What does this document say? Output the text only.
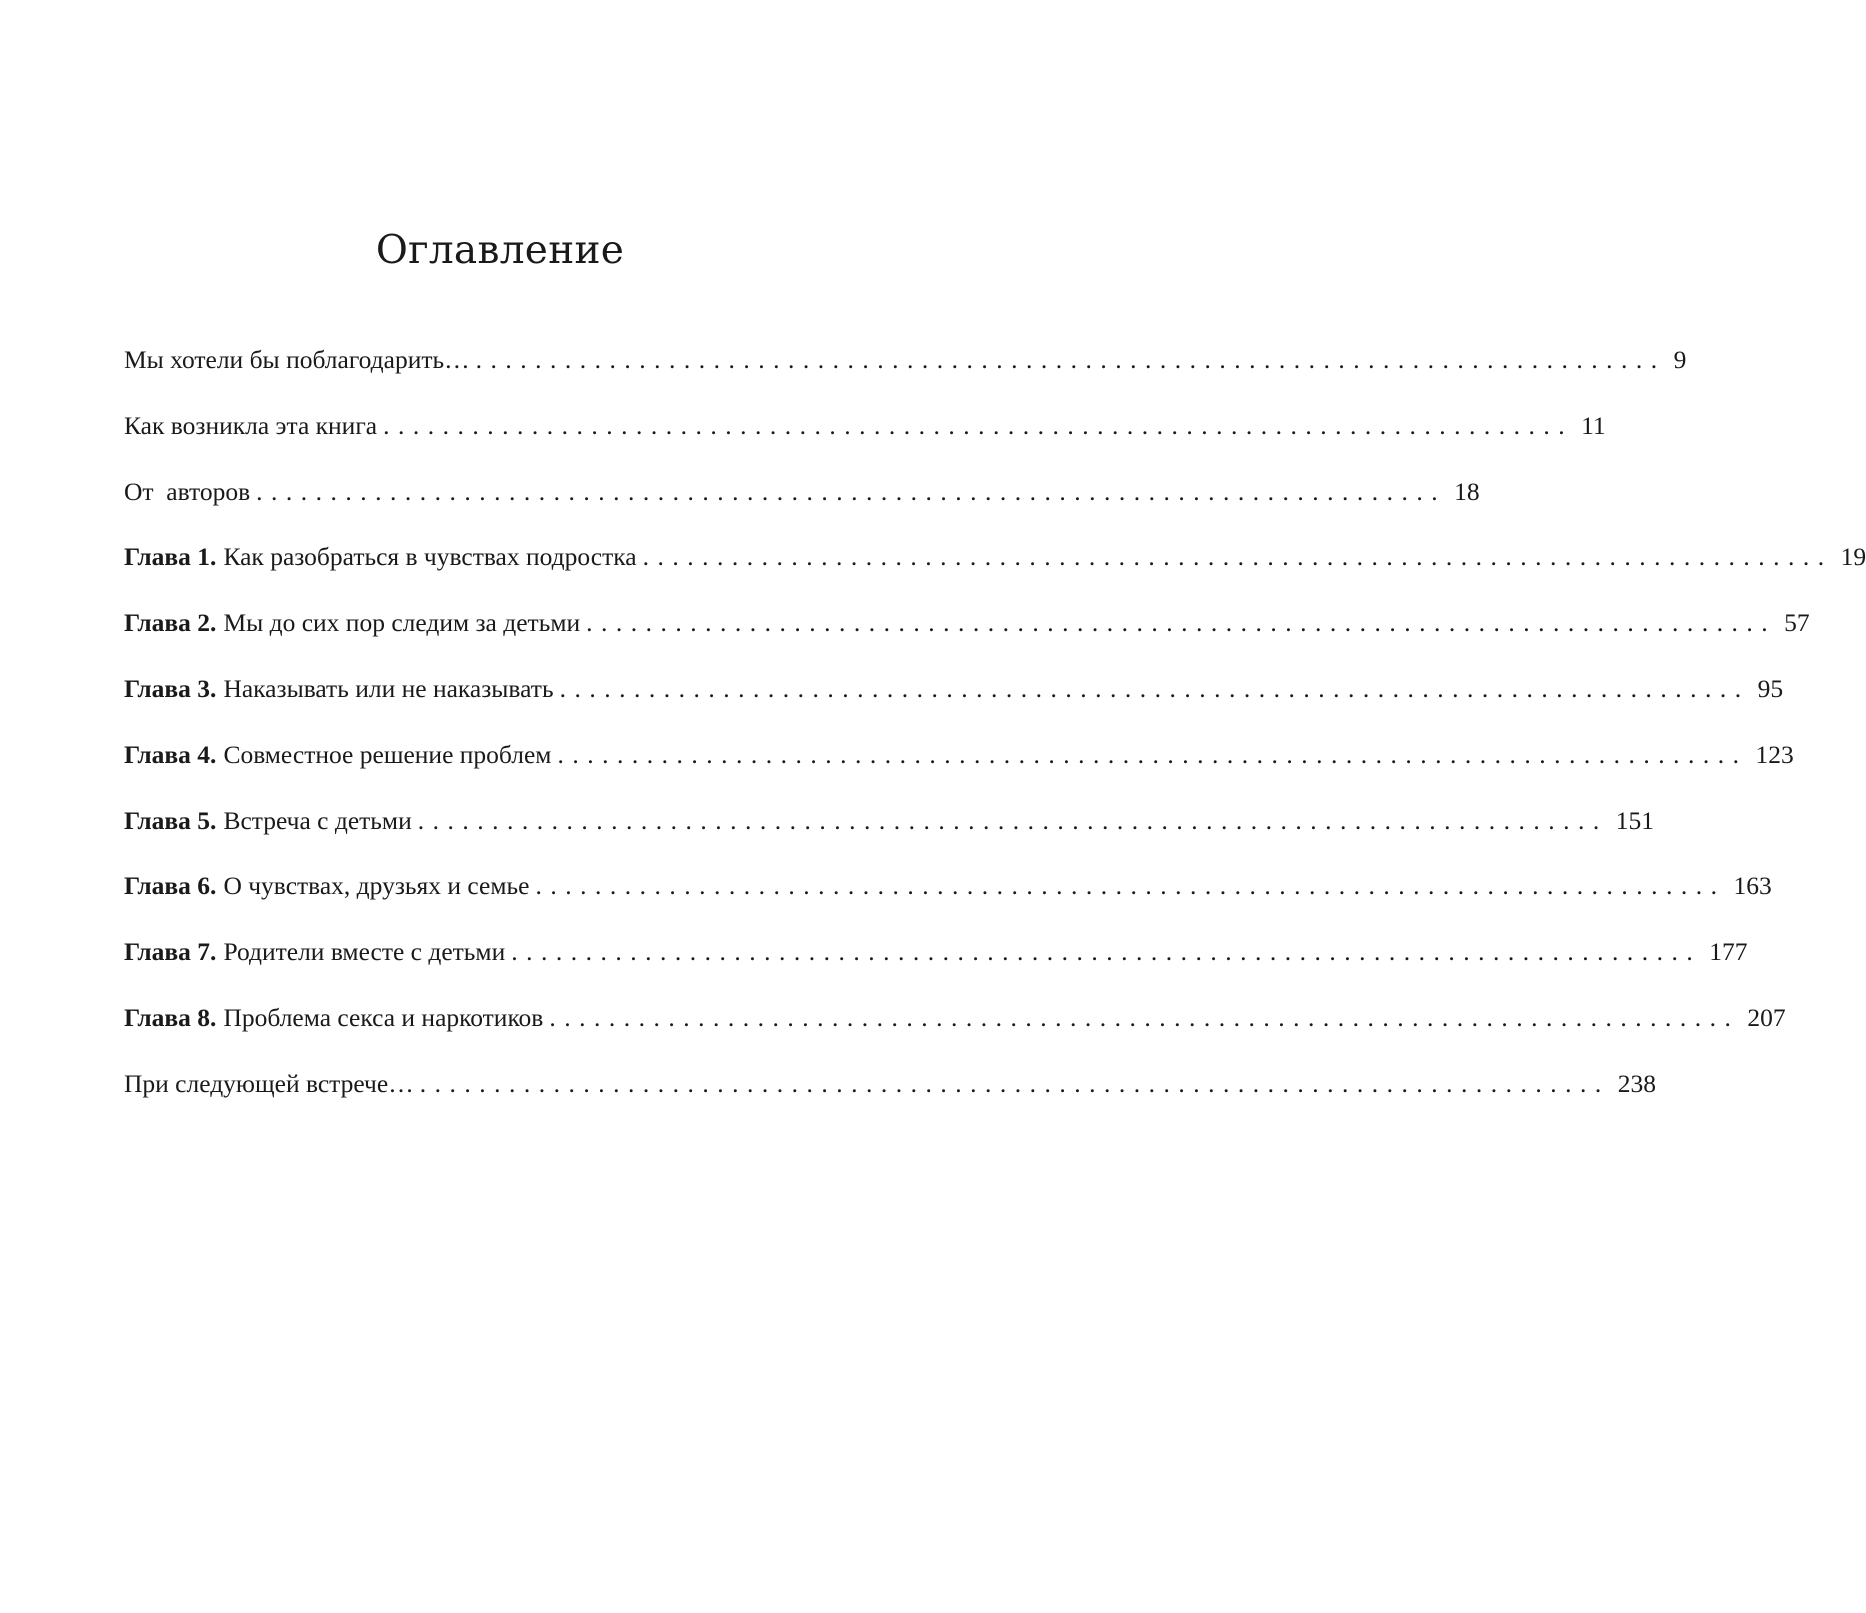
Оглавление
Мы хотели бы поблагодарить… ................................................................................ 9
Как возникла эта книга ................................................................................ 11
От  авторов ................................................................................ 18
Глава 1. Как разобраться в чувствах подростка ................................................................................ 19
Глава 2. Мы до сих пор следим за детьми ................................................................................ 57
Глава 3. Наказывать или не наказывать ................................................................................ 95
Глава 4. Совместное решение проблем ................................................................................ 123
Глава 5. Встреча с детьми ................................................................................ 151
Глава 6. О чувствах, друзьях и семье ................................................................................ 163
Глава 7. Родители вместе с детьми ................................................................................ 177
Глава 8. Проблема секса и наркотиков ................................................................................ 207
При следующей встрече… ................................................................................ 238
